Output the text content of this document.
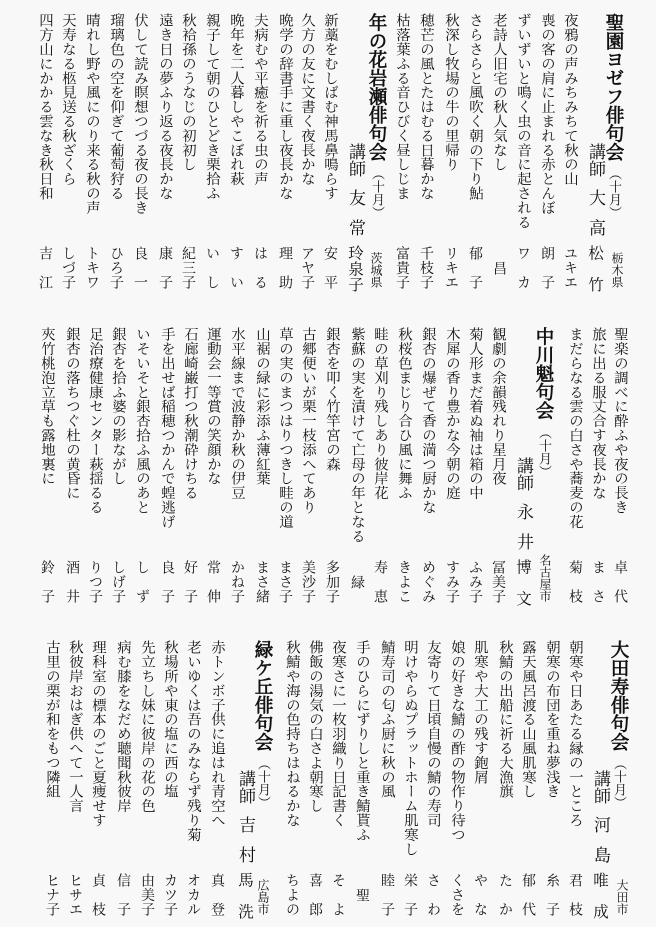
聖園ヨゼフ俳句会（十月）
講師
大高
松竹 栃木県
夜鴉の声みちみちて秋の山
ユキエ
喪の客の肩に止まれる赤とんぼ
朗子
ずいずいと鳴く虫の音に起される
ワカ
老詩人旧宅の秋人気なし
昌
さらさらと風吹く朝の下り鮎
郁子
秋深し牧場の牛の里帰り
リキエ
穂芒の風とたはむる日暮かな
千枝子
枯落葉ふる音ひびく昼しじま
富貴子
年の花岩瀬俳句会（十月）
講師
友常
玲泉子 茨城県
新藁をむしばむ神馬鼻鳴らす
安平
久方の友に文書く夜長かな
アヤ子
晩学の辞書手に重し夜長かな
理助
夫病むや平癒を祈る虫の声
はる
晩年を二人暮しやこぼれ萩
すい
親子して朝のひとどき栗拾ふ
いし
秋袷孫のうなじの初初し
紀三子
遠き日の夢ふり返る夜長かな
康子
伏して読み瞑想つづる夜の長き
良一
瑠璃色の空を仰ぎて葡萄狩る
ひろ子
晴れし野や風にのり来る秋の声
トキワ
天寿なる柩見送る秋ざくら
しづ子
四方山にかかる雲なき秋日和
吉江
聖楽の調べに酔ふや夜の長き
卓代
旅に出る服丈合す夜長かな
まさ
まだらなる雲の白さや蕎麦の花
菊枝
中川魁句会（十月）
講師
永井
博文 名古屋市
観劇の余韻残れり星月夜
冨美子
菊人形まだ着ぬ袖は箱の中
ふみ子
木犀の香り豊かな今朝の庭
すみ子
銀杏の爆ぜて香の満つ厨かな
めぐみ
秋桜色まじり合ひ風に舞ふ
きよこ
畦の草刈り残しあり彼岸花
寿恵
紫蘇の実を漬けて亡母の年となる
緑
銀杏を叩く竹竿宮の森
多加子
古郷便いが栗一枝添へてあり
美沙子
草の実のまつはりつきし畦の道
まさ子
山裾の緑に彩添ふ薄紅葉
まさ緒
水平線まで波静か秋の伊豆
かね子
運動会一等賞の笑顔かな
常伸
石廊崎巌打つ秋潮砕けちる
好子
手を出せば稲穂つかんで蝗逃げ
良子
いそいそと銀杏拾ふ風のあと
しず
銀杏を拾ふ婆の影ながし
しげ子
足治療健康センター萩揺るる
りつ子
銀杏の落ちつぐ杜の黄昏に
酒井
夾竹桃泡立草も露地裏に
鈴子
大田寿俳句会（十月）
講師
河島
唯成 大田市
朝寒や日あたる縁の一ところ
君枝
朝寒の布団を重ね夢浅き
糸子
露天風呂渡る山風肌寒し
郁代
秋鯖の出船に祈る大漁旗
たか
肌寒や大工の残す鉋屑
やな
娘の好きな鯖の酢の物作り待つ
くさを
友寄りて日頃自慢の鯖の寿司
さわ
明けやらぬプラットホーム肌寒し
栄子
鯖寿司の匂ふ厨に秋の風
睦子
手のひらにずりしと重き鯖貰ふ
聖
夜寒さに一枚羽織り日記書く
そよ
佛飯の湯気の白さよ朝寒し
喜郎
秋鯖や海の色持ちはねるかな
ちよの
緑ケ丘俳句会（十月）
講師
吉村
馬洗 広島市
赤トンボ子供に追はれ青空へ
真登
老いゆくは吾のみならず残り菊
オカル
秋場所や東の塩に西の塩
カツ子
先立ちし妹に彼岸の花の色
由美子
病む膝をなだめ聴聞秋彼岸
信子
理科室の標本のごと夏痩せす
貞枝
秋彼岸おはぎ供へて一人言
ヒサエ
古里の栗が和をもつ隣組
ヒナ子
